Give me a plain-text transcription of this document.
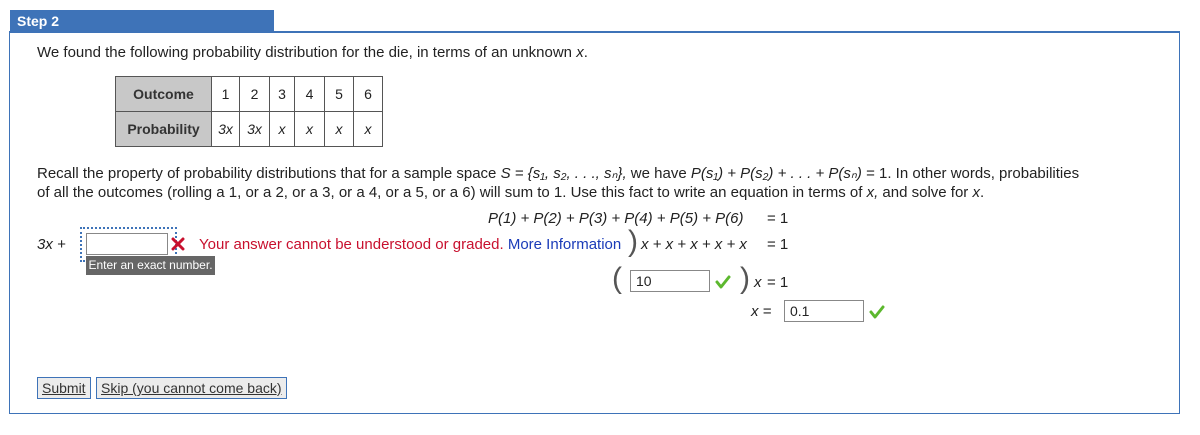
Step 2
We found the following probability distribution for the die, in terms of an unknown x.
Outcome	1	2	3	4	5	6
Probability	3x	3x	x	x	x	x
Recall the property of probability distributions that for a sample space S = {s₁, s₂, . . ., sₙ}, we have P(s₁) + P(s₂) + . . . + P(sₙ) = 1. In other words, probabilities
of all the outcomes (rolling a 1, or a 2, or a 3, or a 4, or a 5, or a 6) will sum to 1. Use this fact to write an equation in terms of x, and solve for x.
P(1) + P(2) + P(3) + P(4) + P(5) + P(6) = 1
3x +	Your answer cannot be understood or graded. More Information ) x + x + x + x + x = 1
Enter an exact number.	(	10	) x = 1
x =	0.1
Submit	Skip (you cannot come back)
